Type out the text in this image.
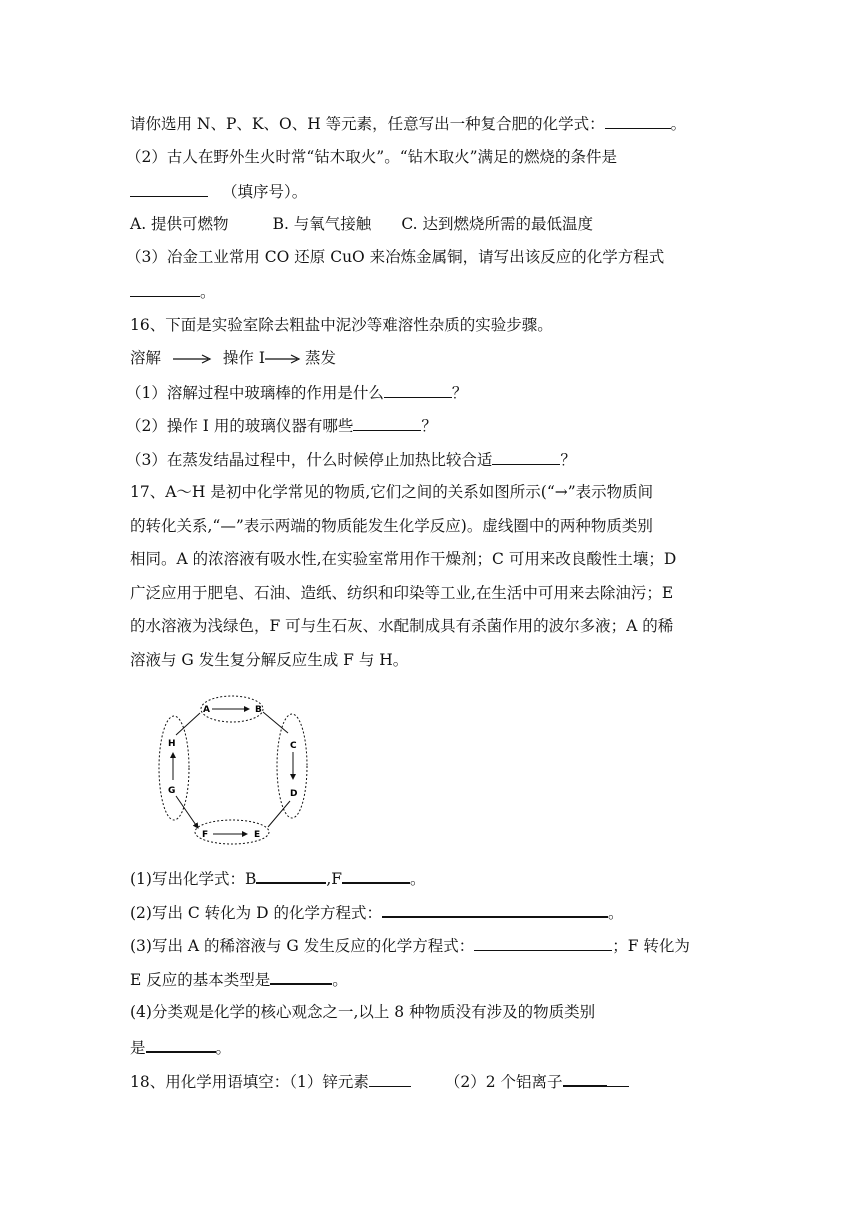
请你选用 N、P、K、O、H 等元素，任意写出一种复合肥的化学式：	。
（2）古人在野外生火时常“钻木取火”。“钻木取火”满足的燃烧的条件是
（填序号）。
A. 提供可燃物	B. 与氧气接触 C. 达到燃烧所需的最低温度
（3）冶金工业常用 CO 还原 CuO 来冶炼金属铜，请写出该反应的化学方程式
。
16、下面是实验室除去粗盐中泥沙等难溶性杂质的实验步骤。
溶解	操作 I	蒸发
（1）溶解过程中玻璃棒的作用是什么	？
（2）操作 I 用的玻璃仪器有哪些	？
（3）在蒸发结晶过程中，什么时候停止加热比较合适	？
17、A～H 是初中化学常见的物质,它们之间的关系如图所示(“→”表示物质间
的转化关系,“—”表示两端的物质能发生化学反应)。虚线圈中的两种物质类别
相同。A 的浓溶液有吸水性,在实验室常用作干燥剂；C 可用来改良酸性土壤；D
广泛应用于肥皂、石油、造纸、纺织和印染等工业,在生活中可用来去除油污；E
的水溶液为浅绿色，F 可与生石灰、水配制成具有杀菌作用的波尔多液；A 的稀
溶液与 G 发生复分解反应生成 F 与 H。
A	B
H	C
G	D
F	E
(1)写出化学式：B	,F	。
(2)写出 C 转化为 D 的化学方程式：	。
(3)写出 A 的稀溶液与 G 发生反应的化学方程式：	；F 转化为
E 反应的基本类型是	。
(4)分类观是化学的核心观念之一,以上 8 种物质没有涉及的物质类别
是	。
18、用化学用语填空：（1）锌元素	（2）2 个铝离子
